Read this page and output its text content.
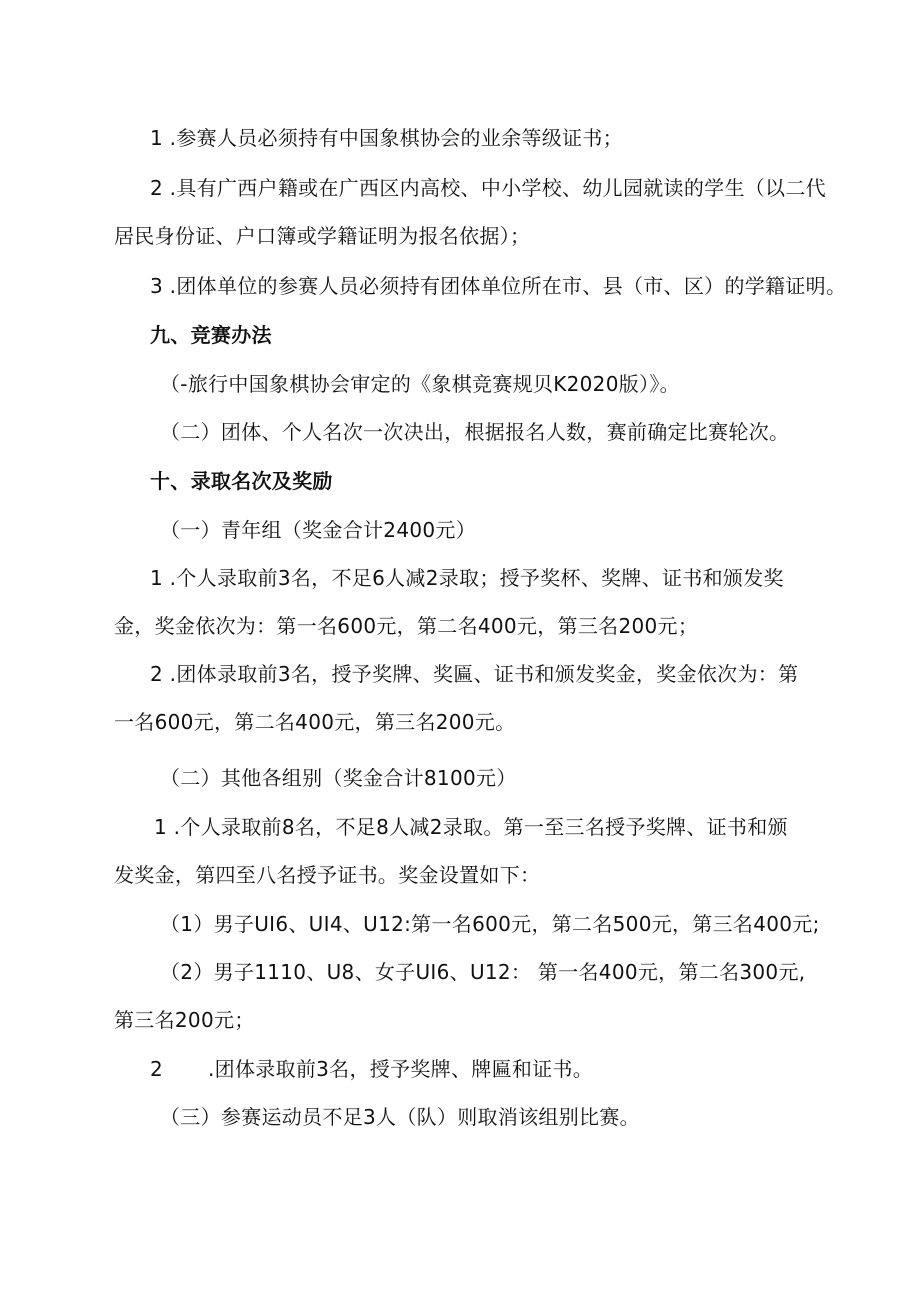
1 .参赛人员必须持有中国象棋协会的业余等级证书；
2 .具有广西户籍或在广西区内高校、中小学校、幼儿园就读的学生（以二代
居民身份证、户口簿或学籍证明为报名依据）；
3 .团体单位的参赛人员必须持有团体单位所在市、县（市、区）的学籍证明。
九、竞赛办法
（-旅行中国象棋协会审定的《象棋竞赛规贝K2020版）》。
（二）团体、个人名次一次决出，根据报名人数，赛前确定比赛轮次。
十、录取名次及奖励
（一）青年组（奖金合计2400元）
1 .个人录取前3名，不足6人减2录取；授予奖杯、奖牌、证书和颁发奖
金，奖金依次为：第一名600元，第二名400元，第三名200元；
2 .团体录取前3名，授予奖牌、奖匾、证书和颁发奖金，奖金依次为：第
一名600元，第二名400元，第三名200元。
（二）其他各组别（奖金合计8100元）
1 .个人录取前8名，不足8人减2录取。第一至三名授予奖牌、证书和颁
发奖金，第四至八名授予证书。奖金设置如下：
（1）男子UI6、UI4、U12:第一名600元，第二名500元，第三名400元;
（2）男子1110、U8、女子UI6、U12： 第一名400元，第二名300元,
第三名200元；
2 .团体录取前3名，授予奖牌、牌匾和证书。
（三）参赛运动员不足3人（队）则取消该组别比赛。
